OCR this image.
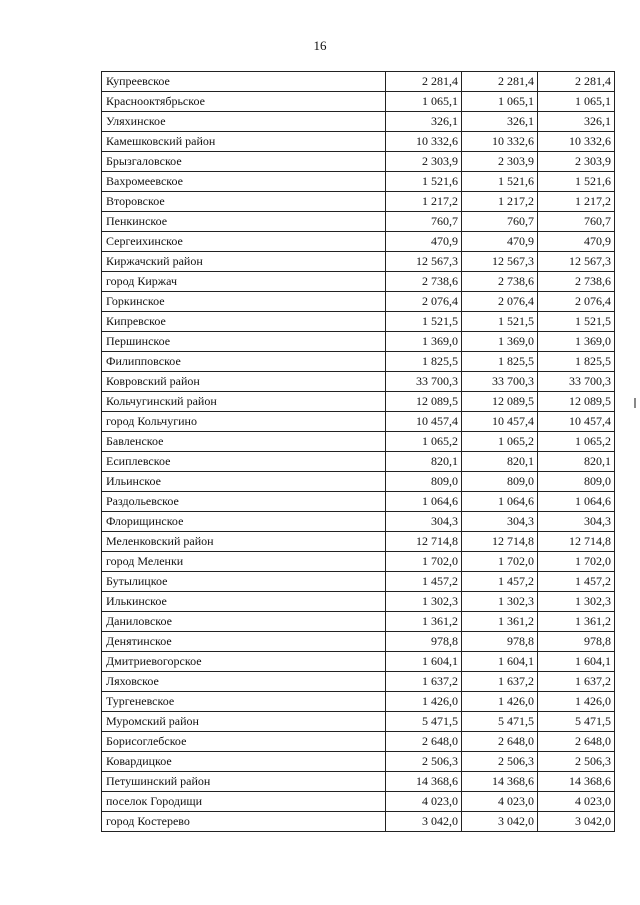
16
Купреевское	2 281,4	2 281,4	2 281,4
Краснооктябрьское	1 065,1	1 065,1	1 065,1
Уляхинское	326,1	326,1	326,1
Камешковский район	10 332,6	10 332,6	10 332,6
Брызгаловское	2 303,9	2 303,9	2 303,9
Вахромеевское	1 521,6	1 521,6	1 521,6
Второвское	1 217,2	1 217,2	1 217,2
Пенкинское	760,7	760,7	760,7
Сергеихинское	470,9	470,9	470,9
Киржачский район	12 567,3	12 567,3	12 567,3
город Киржач	2 738,6	2 738,6	2 738,6
Горкинское	2 076,4	2 076,4	2 076,4
Кипревское	1 521,5	1 521,5	1 521,5
Першинское	1 369,0	1 369,0	1 369,0
Филипповское	1 825,5	1 825,5	1 825,5
Ковровский район	33 700,3	33 700,3	33 700,3
Кольчугинский район	12 089,5	12 089,5	12 089,5
город Кольчугино	10 457,4	10 457,4	10 457,4
Бавленское	1 065,2	1 065,2	1 065,2
Есиплевское	820,1	820,1	820,1
Ильинское	809,0	809,0	809,0
Раздольевское	1 064,6	1 064,6	1 064,6
Флорищинское	304,3	304,3	304,3
Меленковский район	12 714,8	12 714,8	12 714,8
город Меленки	1 702,0	1 702,0	1 702,0
Бутылицкое	1 457,2	1 457,2	1 457,2
Илькинское	1 302,3	1 302,3	1 302,3
Даниловское	1 361,2	1 361,2	1 361,2
Денятинское	978,8	978,8	978,8
Дмитриевогорское	1 604,1	1 604,1	1 604,1
Ляховское	1 637,2	1 637,2	1 637,2
Тургеневское	1 426,0	1 426,0	1 426,0
Муромский район	5 471,5	5 471,5	5 471,5
Борисоглебское	2 648,0	2 648,0	2 648,0
Ковардицкое	2 506,3	2 506,3	2 506,3
Петушинский район	14 368,6	14 368,6	14 368,6
поселок Городищи	4 023,0	4 023,0	4 023,0
город Костерево	3 042,0	3 042,0	3 042,0
